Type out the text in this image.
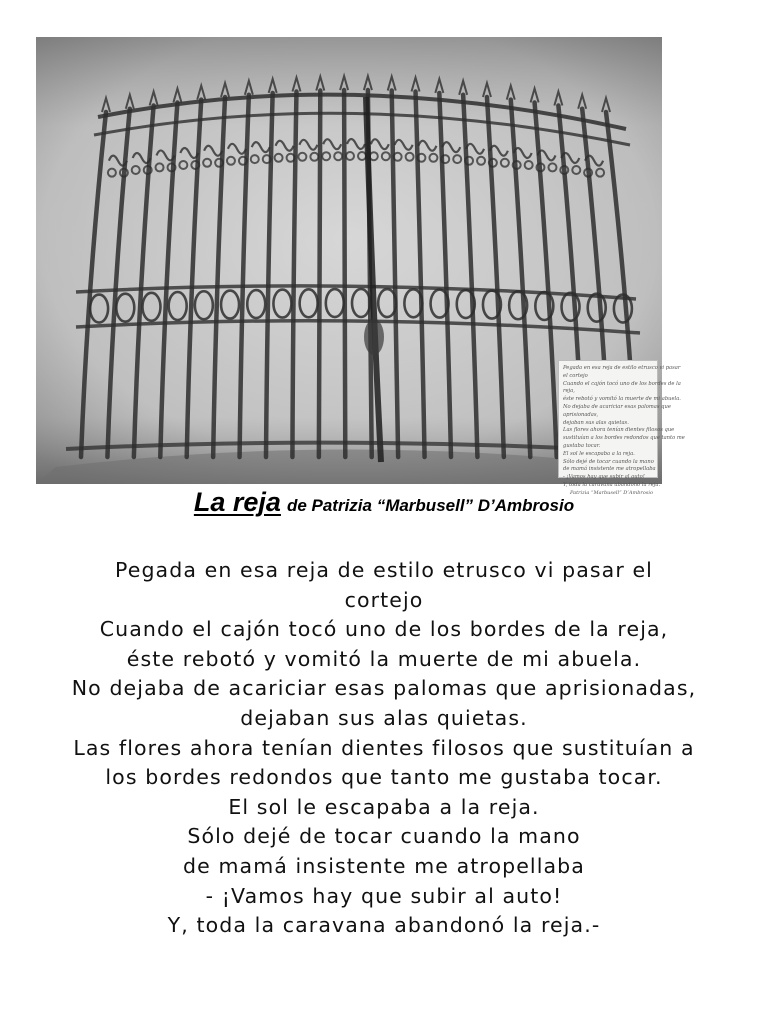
Pegada en esa reja de estilo etrusco vi pasar
el cortejo
Cuando el cajón tocó uno de los bordes de la
reja,
éste rebotó y vomitó la muerte de mi abuela.
No dejaba de acariciar esas palomas que
aprisionadas,
dejaban sus alas quietas.
Las flores ahora tenían dientes filosos que
sustituían a los bordes redondos que tanto me
gustaba tocar.
El sol le escapaba a la reja.
Sólo dejé de tocar cuando la mano
de mamá insistente me atropellaba
- ¡Vamos hay que subir al auto!
Y, toda la caravana abandonó la reja.
Patrizia “Marbusell” D’Ambrosio
La reja de Patrizia “Marbusell” D’Ambrosio
Pegada en esa reja de estilo etrusco vi pasar el
cortejo
Cuando el cajón tocó uno de los bordes de la reja,
éste rebotó y vomitó la muerte de mi abuela.
No dejaba de acariciar esas palomas que aprisionadas,
dejaban sus alas quietas.
Las flores ahora tenían dientes filosos que sustituían a
los bordes redondos que tanto me gustaba tocar.
El sol le escapaba a la reja.
Sólo dejé de tocar cuando la mano
de mamá insistente me atropellaba
- ¡Vamos hay que subir al auto!
Y, toda la caravana abandonó la reja.-
